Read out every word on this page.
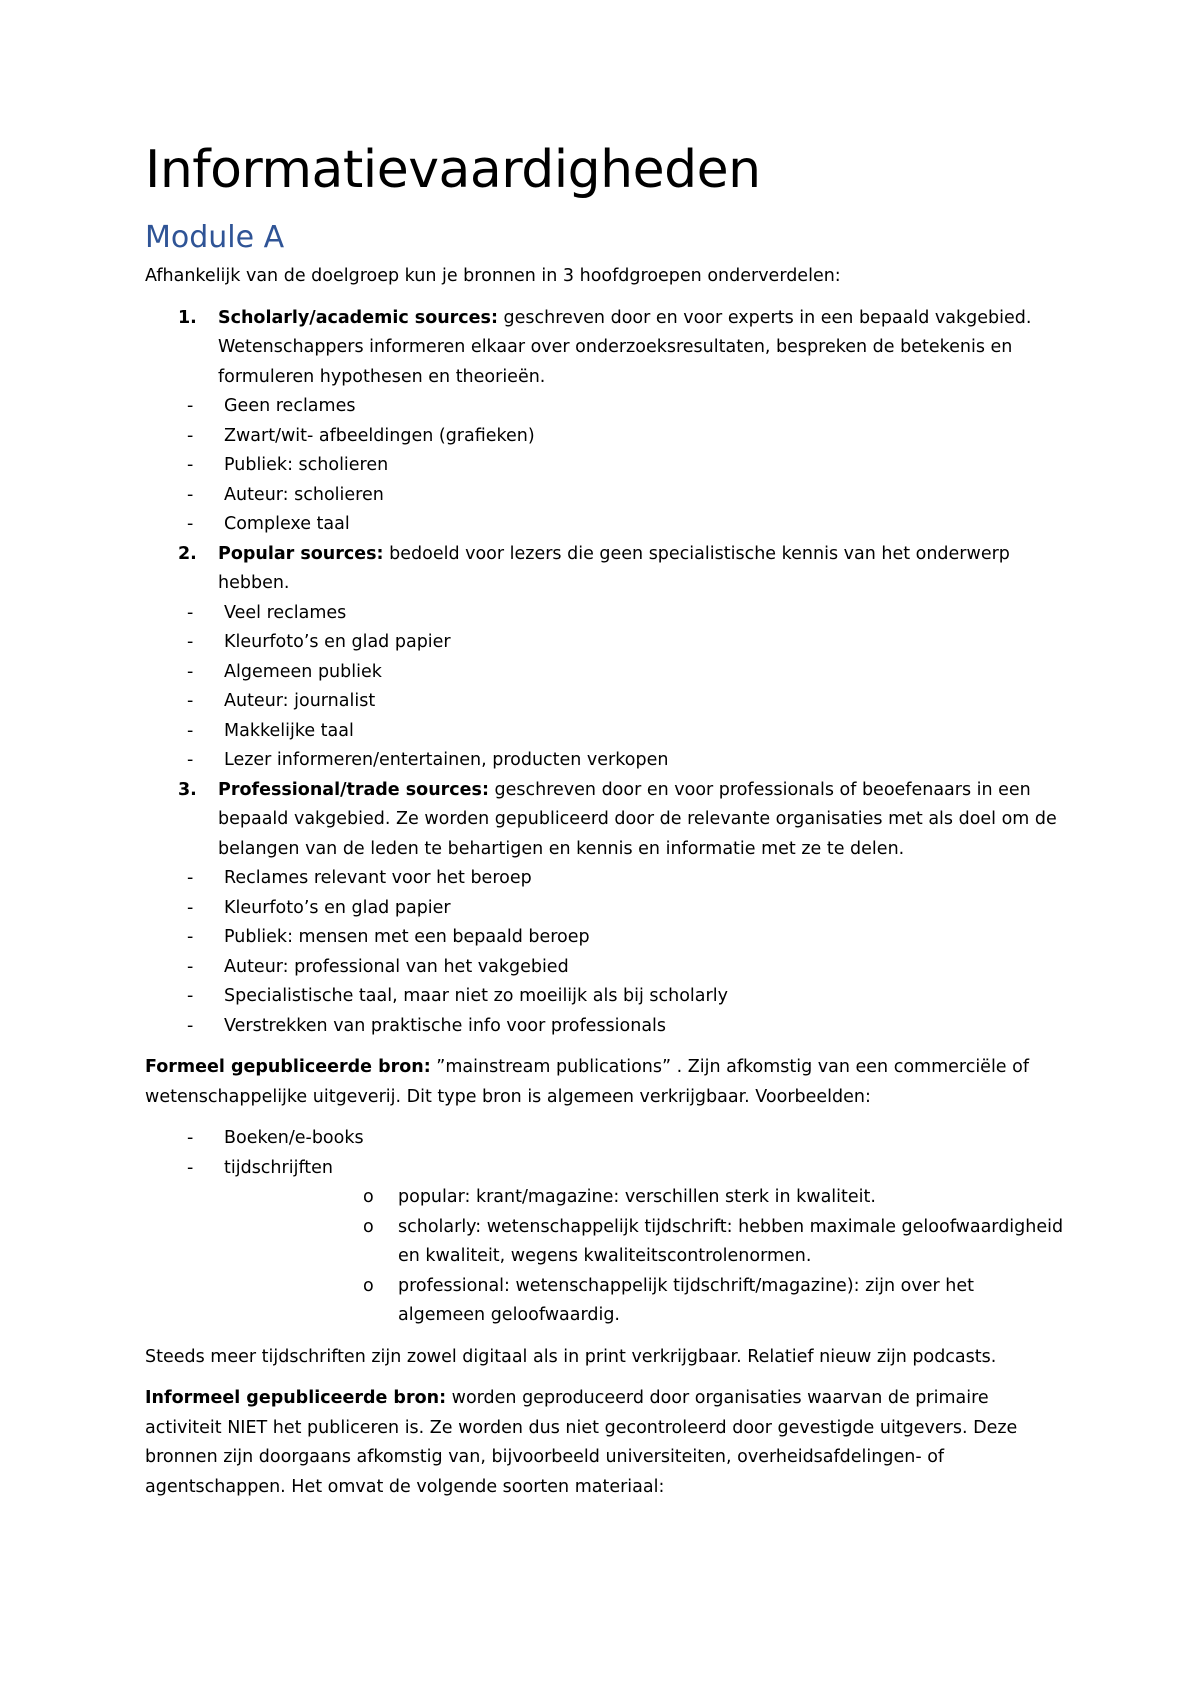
Informatievaardigheden
Module A

Afhankelijk van de doelgroep kun je bronnen in 3 hoofdgroepen onderverdelen:

1. Scholarly/academic sources: geschreven door en voor experts in een bepaald vakgebied. Wetenschappers informeren elkaar over onderzoeksresultaten, bespreken de betekenis en formuleren hypothesen en theorieën.
- Geen reclames
- Zwart/wit- afbeeldingen (grafieken)
- Publiek: scholieren
- Auteur: scholieren
- Complexe taal
2. Popular sources: bedoeld voor lezers die geen specialistische kennis van het onderwerp hebben.
- Veel reclames
- Kleurfoto’s en glad papier
- Algemeen publiek
- Auteur: journalist
- Makkelijke taal
- Lezer informeren/entertainen, producten verkopen
3. Professional/trade sources: geschreven door en voor professionals of beoefenaars in een bepaald vakgebied. Ze worden gepubliceerd door de relevante organisaties met als doel om de belangen van de leden te behartigen en kennis en informatie met ze te delen.
- Reclames relevant voor het beroep
- Kleurfoto’s en glad papier
- Publiek: mensen met een bepaald beroep
- Auteur: professional van het vakgebied
- Specialistische taal, maar niet zo moeilijk als bij scholarly
- Verstrekken van praktische info voor professionals

Formeel gepubliceerde bron: ”mainstream publications” . Zijn afkomstig van een commerciële of wetenschappelijke uitgeverij. Dit type bron is algemeen verkrijgbaar. Voorbeelden:

- Boeken/e-books
- tijdschrijften
o popular: krant/magazine: verschillen sterk in kwaliteit.
o scholarly: wetenschappelijk tijdschrift: hebben maximale geloofwaardigheid en kwaliteit, wegens kwaliteitscontrolenormen.
o professional: wetenschappelijk tijdschrift/magazine): zijn over het algemeen geloofwaardig.

Steeds meer tijdschriften zijn zowel digitaal als in print verkrijgbaar. Relatief nieuw zijn podcasts.

Informeel gepubliceerde bron: worden geproduceerd door organisaties waarvan de primaire activiteit NIET het publiceren is. Ze worden dus niet gecontroleerd door gevestigde uitgevers. Deze bronnen zijn doorgaans afkomstig van, bijvoorbeeld universiteiten, overheidsafdelingen- of agentschappen. Het omvat de volgende soorten materiaal:
